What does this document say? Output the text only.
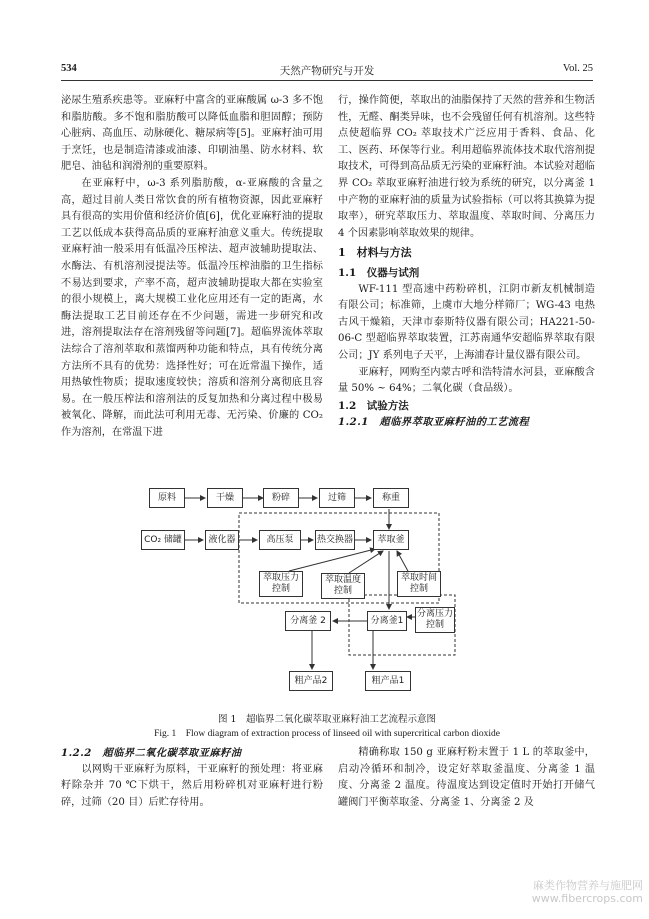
534	天然产物研究与开发	Vol. 25

泌尿生殖系疾患等。亚麻籽中富含的亚麻酸属 ω-3 多不饱和脂肪酸。多不饱和脂肪酸可以降低血脂和胆固醇；预防心脏病、高血压、动脉硬化、糖尿病等[5]。亚麻籽油可用于烹饪，也是制造清漆或油漆、印刷油墨、防水材料、软肥皂、油毡和润滑剂的重要原料。

在亚麻籽中，ω-3 系列脂肪酸，α-亚麻酸的含量之高，超过目前人类日常饮食的所有植物资源，因此亚麻籽具有很高的实用价值和经济价值[6]，优化亚麻籽油的提取工艺以低成本获得高品质的亚麻籽油意义重大。传统提取亚麻籽油一般采用有低温冷压榨法、超声波辅助提取法、水酶法、有机溶剂浸提法等。低温冷压榨油脂的卫生指标不易达到要求，产率不高，超声波辅助提取大都在实验室的很小规模上，离大规模工业化应用还有一定的距离，水酶法提取工艺目前还存在不少问题，需进一步研究和改进，溶剂提取法存在溶剂残留等问题[7]。超临界流体萃取法综合了溶剂萃取和蒸馏两种功能和特点，具有传统分离方法所不具有的优势：选择性好；可在近常温下操作，适用热敏性物质；提取速度较快；溶质和溶剂分离彻底且容易。在一般压榨法和溶剂法的反复加热和分离过程中极易被氧化、降解，而此法可利用无毒、无污染、价廉的 CO₂ 作为溶剂，在常温下进

行，操作简便，萃取出的油脂保持了天然的营养和生物活性，无醛、酮类异味，也不会残留任何有机溶剂。这些特点使超临界 CO₂ 萃取技术广泛应用于香料、食品、化工、医药、环保等行业。利用超临界流体技术取代溶剂提取技术，可得到高品质无污染的亚麻籽油。本试验对超临界 CO₂ 萃取亚麻籽油进行较为系统的研究，以分离釜 1 中产物的亚麻籽油的质量为试验指标（可以将其换算为提取率），研究萃取压力、萃取温度、萃取时间、分离压力 4 个因素影响萃取效果的规律。

1　材料与方法
1.1　仪器与试剂

WF-111 型高速中药粉碎机，江阴市新友机械制造有限公司；标准筛，上虞市大地分样筛厂；WG-43 电热古风干燥箱，天津市泰斯特仪器有限公司；HA221-50-06-C 型超临界萃取装置，江苏南通华安超临界萃取有限公司；JY 系列电子天平，上海浦春计量仪器有限公司。

亚麻籽，网购至内蒙古呼和浩特清水河县，亚麻酸含量 50% ~ 64%；二氧化碳（食品级）。

1.2　试验方法
1.2.1　超临界萃取亚麻籽油的工艺流程
原料	干燥	粉碎	过筛	称重
CO₂ 储罐	液化器	高压泵	热交换器	萃取釜
萃取压力控制
萃取温度控制
萃取时间控制
分离釜 2	分离釜1
分离压力控制
粗产品2	粗产品1
图 1　超临界二氧化碳萃取亚麻籽油工艺流程示意图
Fig. 1　Flow diagram of extraction process of linseed oil with supercritical carbon dioxide
1.2.2　超临界二氧化碳萃取亚麻籽油

以网购干亚麻籽为原料，干亚麻籽的预处理：将亚麻籽除杂并 70 ℃下烘干，然后用粉碎机对亚麻籽进行粉碎，过筛（20 目）后贮存待用。

精确称取 150 g 亚麻籽粉末置于 1 L 的萃取釜中，启动冷循环和制冷，设定好萃取釜温度、分离釜 1 温度、分离釜 2 温度。待温度达到设定值时开始打开储气罐阀门平衡萃取釜、分离釜 1、分离釜 2 及

麻类作物营养与施肥网
www.fibercrops.com
